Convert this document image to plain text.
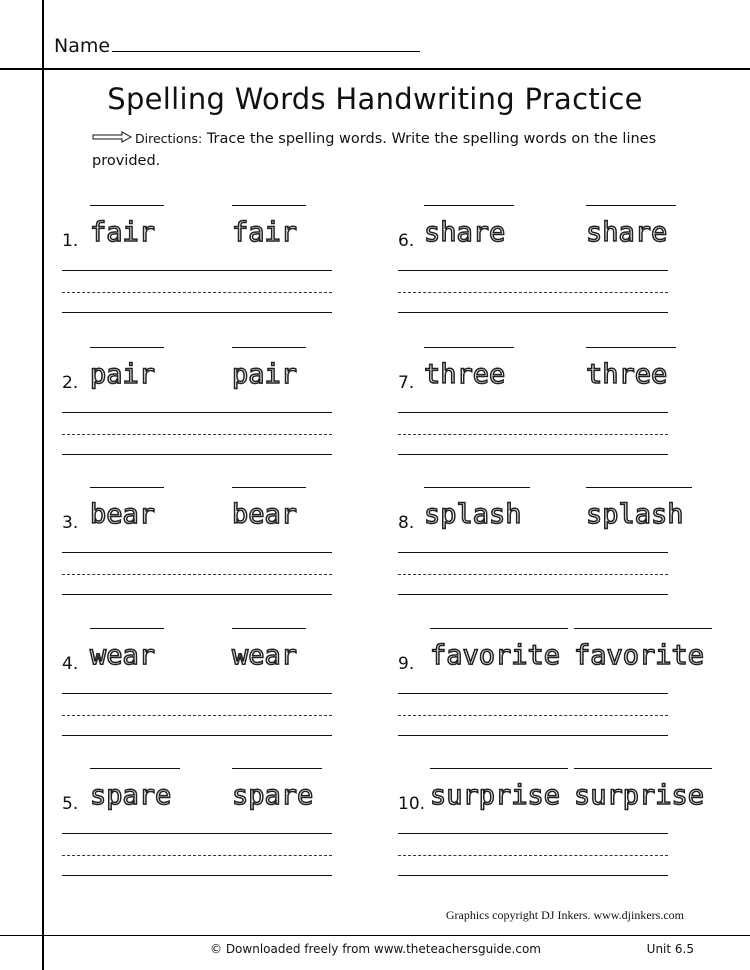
Name
Spelling Words Handwriting Practice
Directions: Trace the spelling words. Write the spelling words on the lines provided.
1. fair	fair
2. pair	pair
3. bear	bear
4. wear	wear
5. spare spare
6. share	share
7. three	three
8. splash splash
9. favorite favorite
10. surprise surprise
Graphics copyright DJ Inkers. www.djinkers.com
© Downloaded freely from www.theteachersguide.com	Unit 6.5
